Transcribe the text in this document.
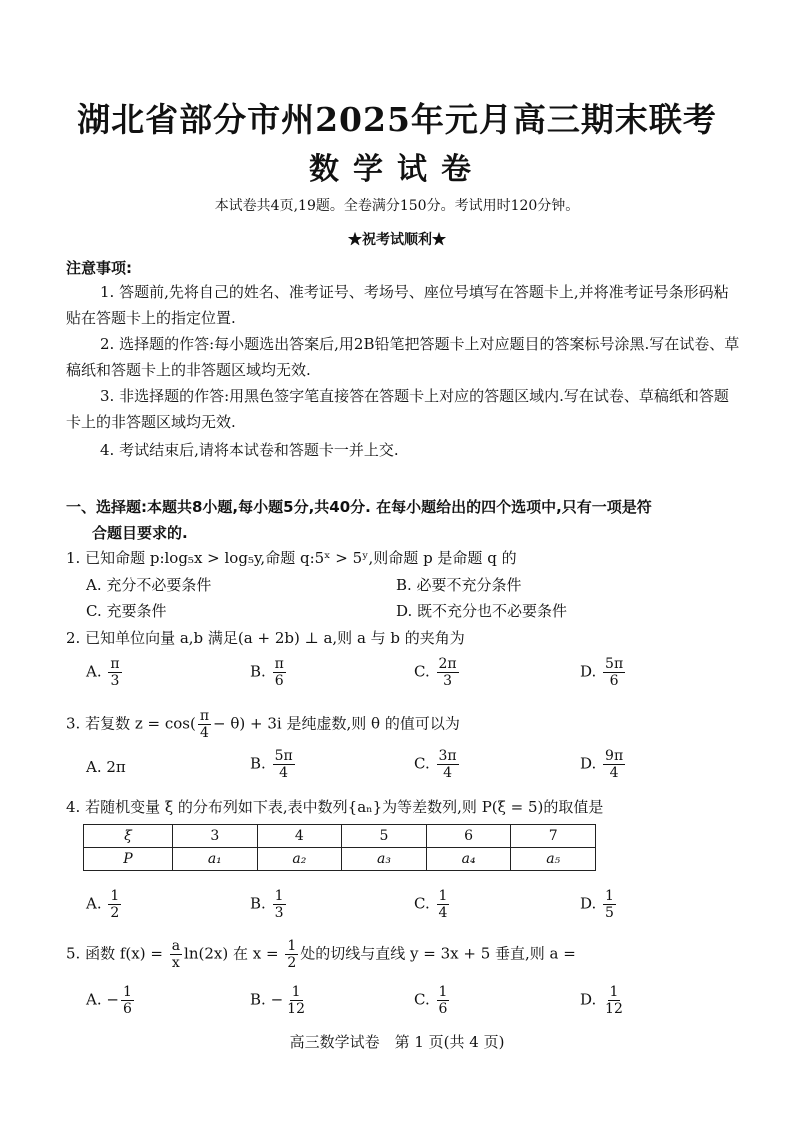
湖北省部分市州2025年元月高三期末联考
数学试卷
本试卷共4页,19题。全卷满分150分。考试用时120分钟。
★祝考试顺利★
注意事项:
1. 答题前,先将自己的姓名、准考证号、考场号、座位号填写在答题卡上,并将准考证号条形码粘贴在答题卡上的指定位置.
2. 选择题的作答:每小题选出答案后,用2B铅笔把答题卡上对应题目的答案标号涂黑.写在试卷、草稿纸和答题卡上的非答题区域均无效.
3. 非选择题的作答:用黑色签字笔直接答在答题卡上对应的答题区域内.写在试卷、草稿纸和答题卡上的非答题区域均无效.
4. 考试结束后,请将本试卷和答题卡一并上交.
一、选择题:本题共8小题,每小题5分,共40分. 在每小题给出的四个选项中,只有一项是符
合题目要求的.
1. 已知命题 p:log₅x > log₅y,命题 q:5ˣ > 5ʸ,则命题 p 是命题 q 的
A. 充分不必要条件	B. 必要不充分条件
C. 充要条件	D. 既不充分也不必要条件
2. 已知单位向量 a,b 满足(a + 2b) ⊥ a,则 a 与 b 的夹角为
A. $\frac{\pi}{3}$	B. $\frac{\pi}{6}$	C. $\frac{2\pi}{3}$	D. $\frac{5\pi}{6}$
3. 若复数 $z = \cos( \frac{\pi}{4} - \theta) + 3i$ 是纯虚数,则 θ 的值可以为
A. 2π	B. $\frac{5\pi}{4}$	C. $\frac{3\pi}{4}$	D. $\frac{9\pi}{4}$
4. 若随机变量 ξ 的分布列如下表,表中数列{aₙ}为等差数列,则 P(ξ = 5)的取值是
ξ	3	4	5	6	7
P	a₁	a₂	a₃	a₄	a₅
A. $\frac{1}{2}$	B. $\frac{1}{3}$	C. $\frac{1}{4}$	D. $\frac{1}{5}$
5. 函数 $f(x) = \frac{a}{x} \ln(2x)$ 在 $x = \frac{1}{2}$ 处的切线与直线 y = 3x + 5 垂直,则 a =
A. − $\frac{1}{6}$	B. − $\frac{1}{12}$	C. $\frac{1}{6}$	D. $\frac{1}{12}$
高三数学试卷　第 1 页(共 4 页)
